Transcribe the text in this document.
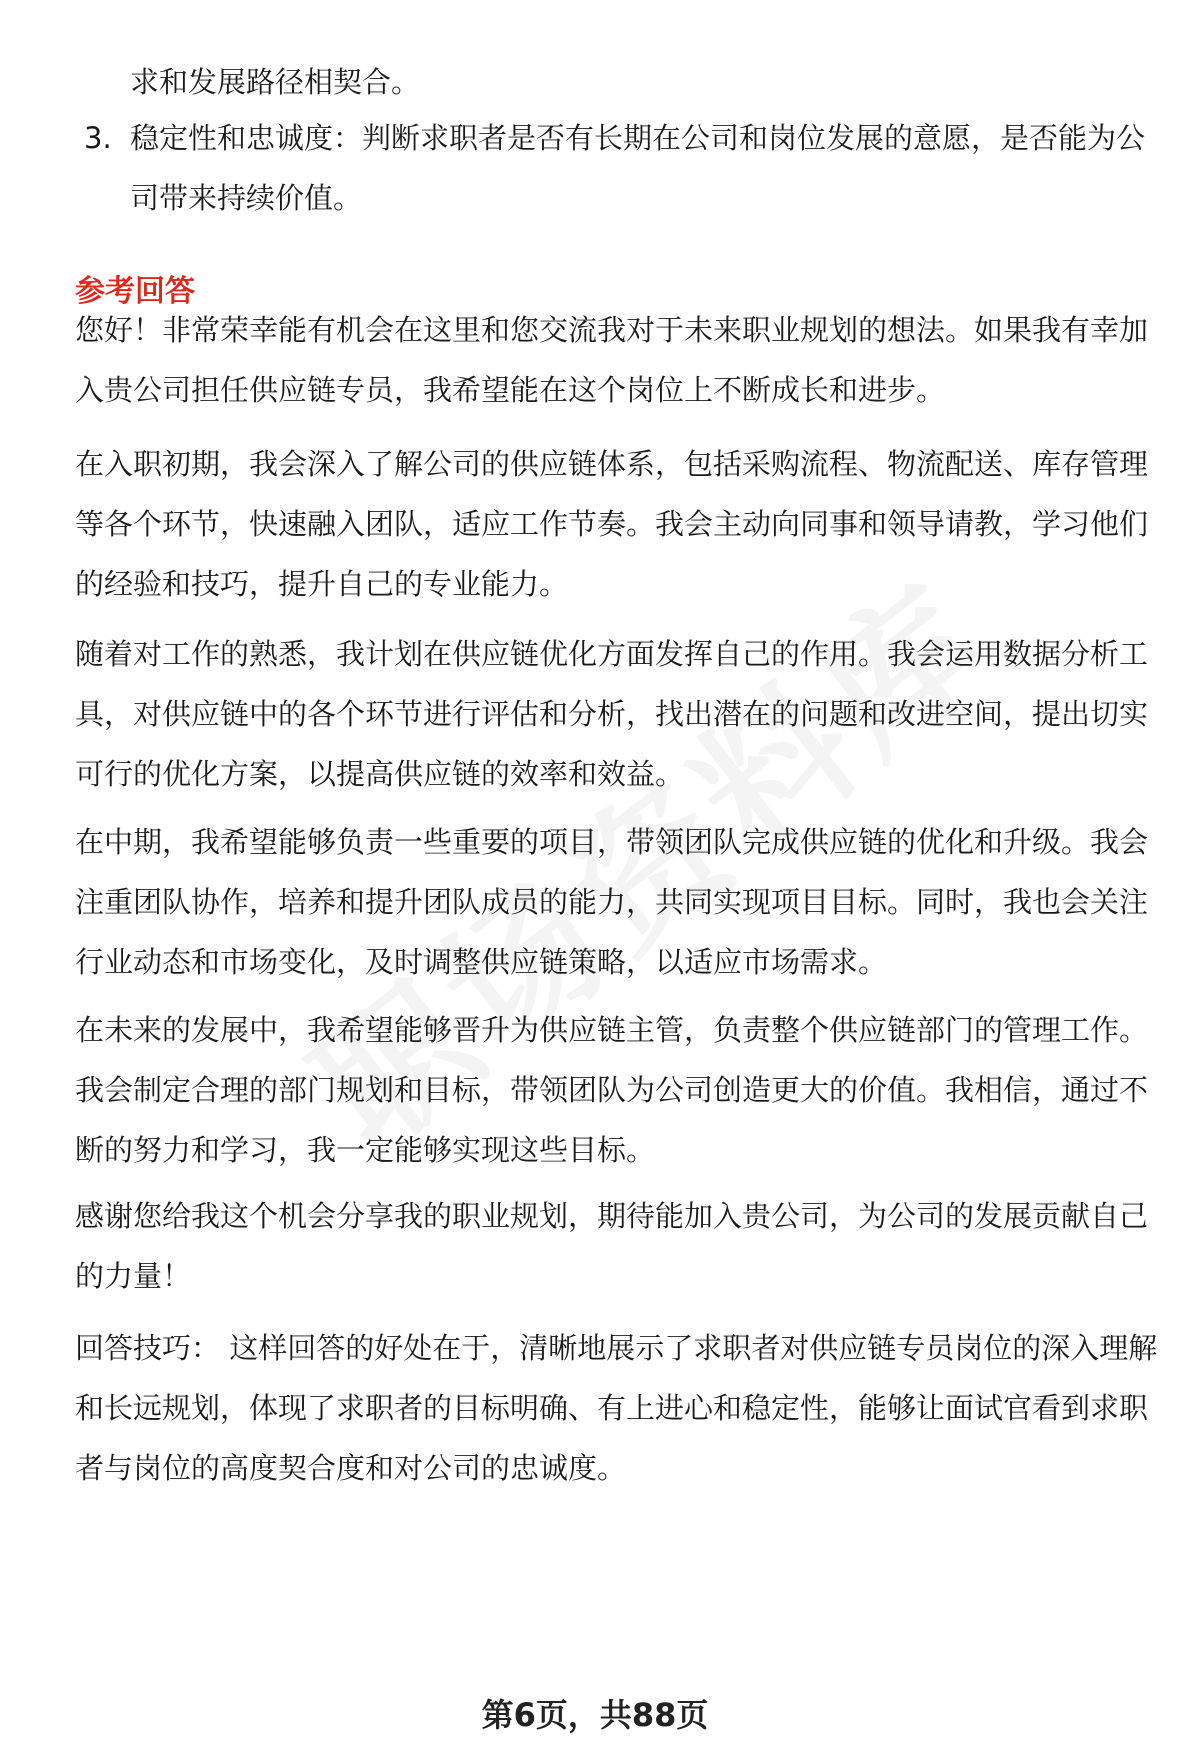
求和发展路径相契合。
3. 稳定性和忠诚度：判断求职者是否有长期在公司和岗位发展的意愿，是否能为公司带来持续价值。
参考回答

您好！非常荣幸能有机会在这里和您交流我对于未来职业规划的想法。如果我有幸加入贵公司担任供应链专员，我希望能在这个岗位上不断成长和进步。

在入职初期，我会深入了解公司的供应链体系，包括采购流程、物流配送、库存管理等各个环节，快速融入团队，适应工作节奏。我会主动向同事和领导请教，学习他们的经验和技巧，提升自己的专业能力。

随着对工作的熟悉，我计划在供应链优化方面发挥自己的作用。我会运用数据分析工具，对供应链中的各个环节进行评估和分析，找出潜在的问题和改进空间，提出切实可行的优化方案，以提高供应链的效率和效益。

在中期，我希望能够负责一些重要的项目，带领团队完成供应链的优化和升级。我会注重团队协作，培养和提升团队成员的能力，共同实现项目目标。同时，我也会关注行业动态和市场变化，及时调整供应链策略，以适应市场需求。

在未来的发展中，我希望能够晋升为供应链主管，负责整个供应链部门的管理工作。我会制定合理的部门规划和目标，带领团队为公司创造更大的价值。我相信，通过不断的努力和学习，我一定能够实现这些目标。

感谢您给我这个机会分享我的职业规划，期待能加入贵公司，为公司的发展贡献自己的力量！

回答技巧： 这样回答的好处在于，清晰地展示了求职者对供应链专员岗位的深入理解和长远规划，体现了求职者的目标明确、有上进心和稳定性，能够让面试官看到求职者与岗位的高度契合度和对公司的忠诚度。

第6页，共88页
